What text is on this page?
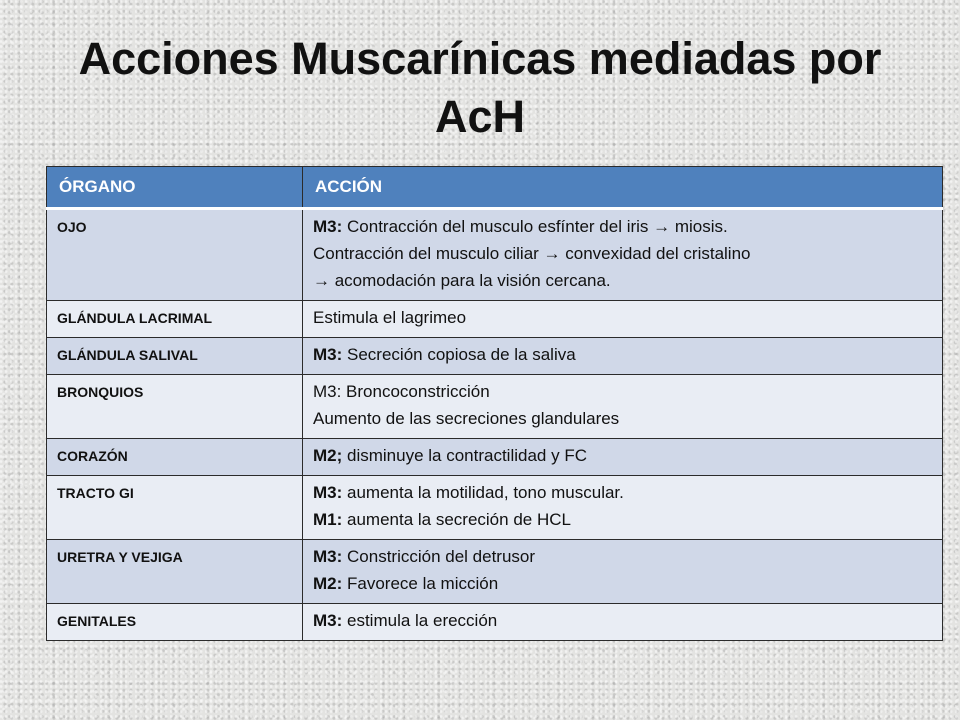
Acciones Muscarínicas mediadas por AcH
ÓRGANO	ACCIÓN
OJO	M3: Contracción del musculo esfínter del iris → miosis.
Contracción del musculo ciliar → convexidad del cristalino
→ acomodación para la visión cercana.

GLÁNDULA LACRIMAL	Estimula el lagrimeo

GLÁNDULA SALIVAL	M3: Secreción copiosa de la saliva

BRONQUIOS	M3: Broncoconstricción
Aumento de las secreciones glandulares

CORAZÓN	M2; disminuye la contractilidad y FC

TRACTO GI	M3: aumenta la motilidad, tono muscular.
M1: aumenta la secreción de HCL

URETRA Y VEJIGA	M3: Constricción del detrusor
M2: Favorece la micción

GENITALES	M3: estimula la erección
